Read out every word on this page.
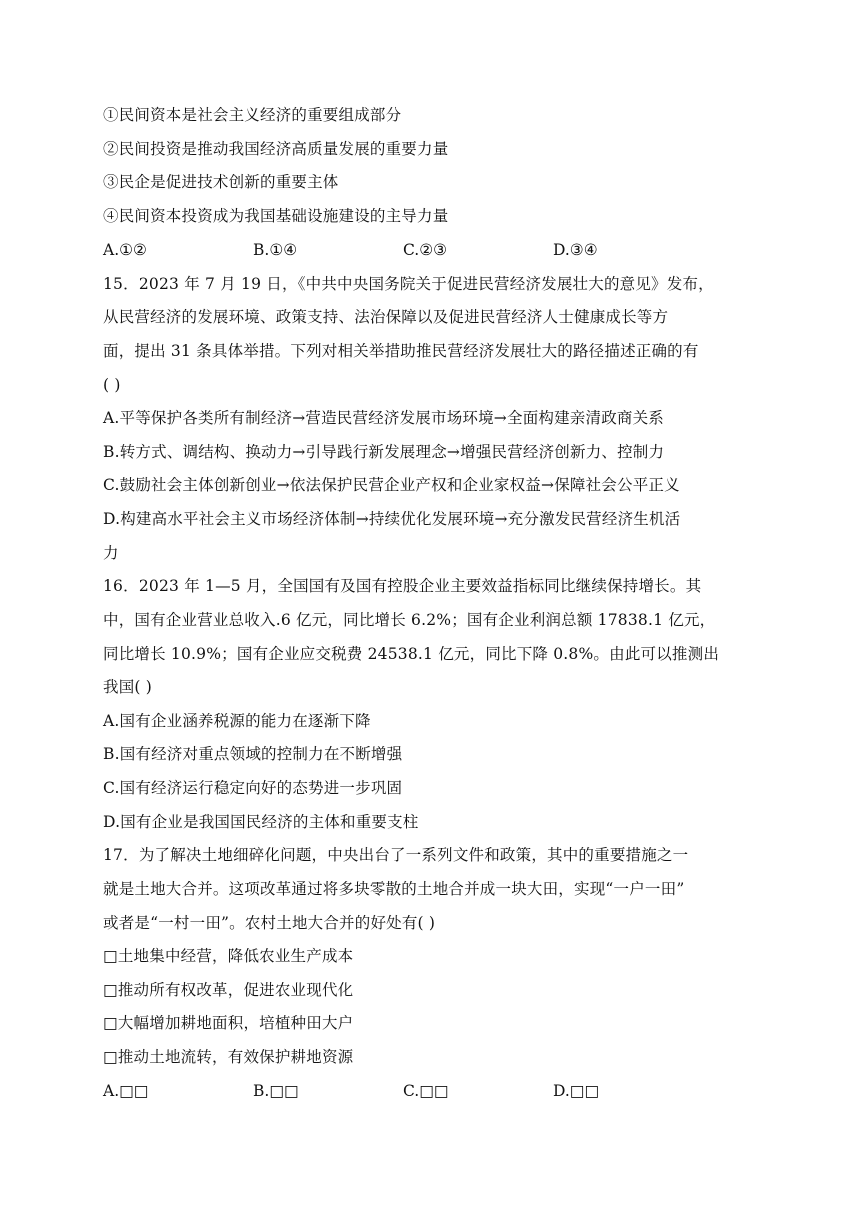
①民间资本是社会主义经济的重要组成部分
②民间投资是推动我国经济高质量发展的重要力量
③民企是促进技术创新的重要主体
④民间资本投资成为我国基础设施建设的主导力量
A.①②	B.①④	C.②③	D.③④
15．2023 年 7 月 19 日，《中共中央国务院关于促进民营经济发展壮大的意见》发布，
从民营经济的发展环境、政策支持、法治保障以及促进民营经济人士健康成长等方
面，提出 31 条具体举措。下列对相关举措助推民营经济发展壮大的路径描述正确的有
( )
A.平等保护各类所有制经济→营造民营经济发展市场环境→全面构建亲清政商关系
B.转方式、调结构、换动力→引导践行新发展理念→增强民营经济创新力、控制力
C.鼓励社会主体创新创业→依法保护民营企业产权和企业家权益→保障社会公平正义
D.构建高水平社会主义市场经济体制→持续优化发展环境→充分激发民营经济生机活
力
16．2023 年 1—5 月，全国国有及国有控股企业主要效益指标同比继续保持增长。其
中，国有企业营业总收入.6 亿元，同比增长 6.2%；国有企业利润总额 17838.1 亿元，
同比增长 10.9%；国有企业应交税费 24538.1 亿元，同比下降 0.8%。由此可以推测出
我国( )
A.国有企业涵养税源的能力在逐渐下降
B.国有经济对重点领域的控制力在不断增强
C.国有经济运行稳定向好的态势进一步巩固
D.国有企业是我国国民经济的主体和重要支柱
17．为了解决土地细碎化问题，中央出台了一系列文件和政策，其中的重要措施之一
就是土地大合并。这项改革通过将多块零散的土地合并成一块大田，实现“一户一田”
或者是“一村一田”。农村土地大合并的好处有( )
□土地集中经营，降低农业生产成本
□推动所有权改革，促进农业现代化
□大幅增加耕地面积，培植种田大户
□推动土地流转，有效保护耕地资源
A.□□	B.□□	C.□□	D.□□
